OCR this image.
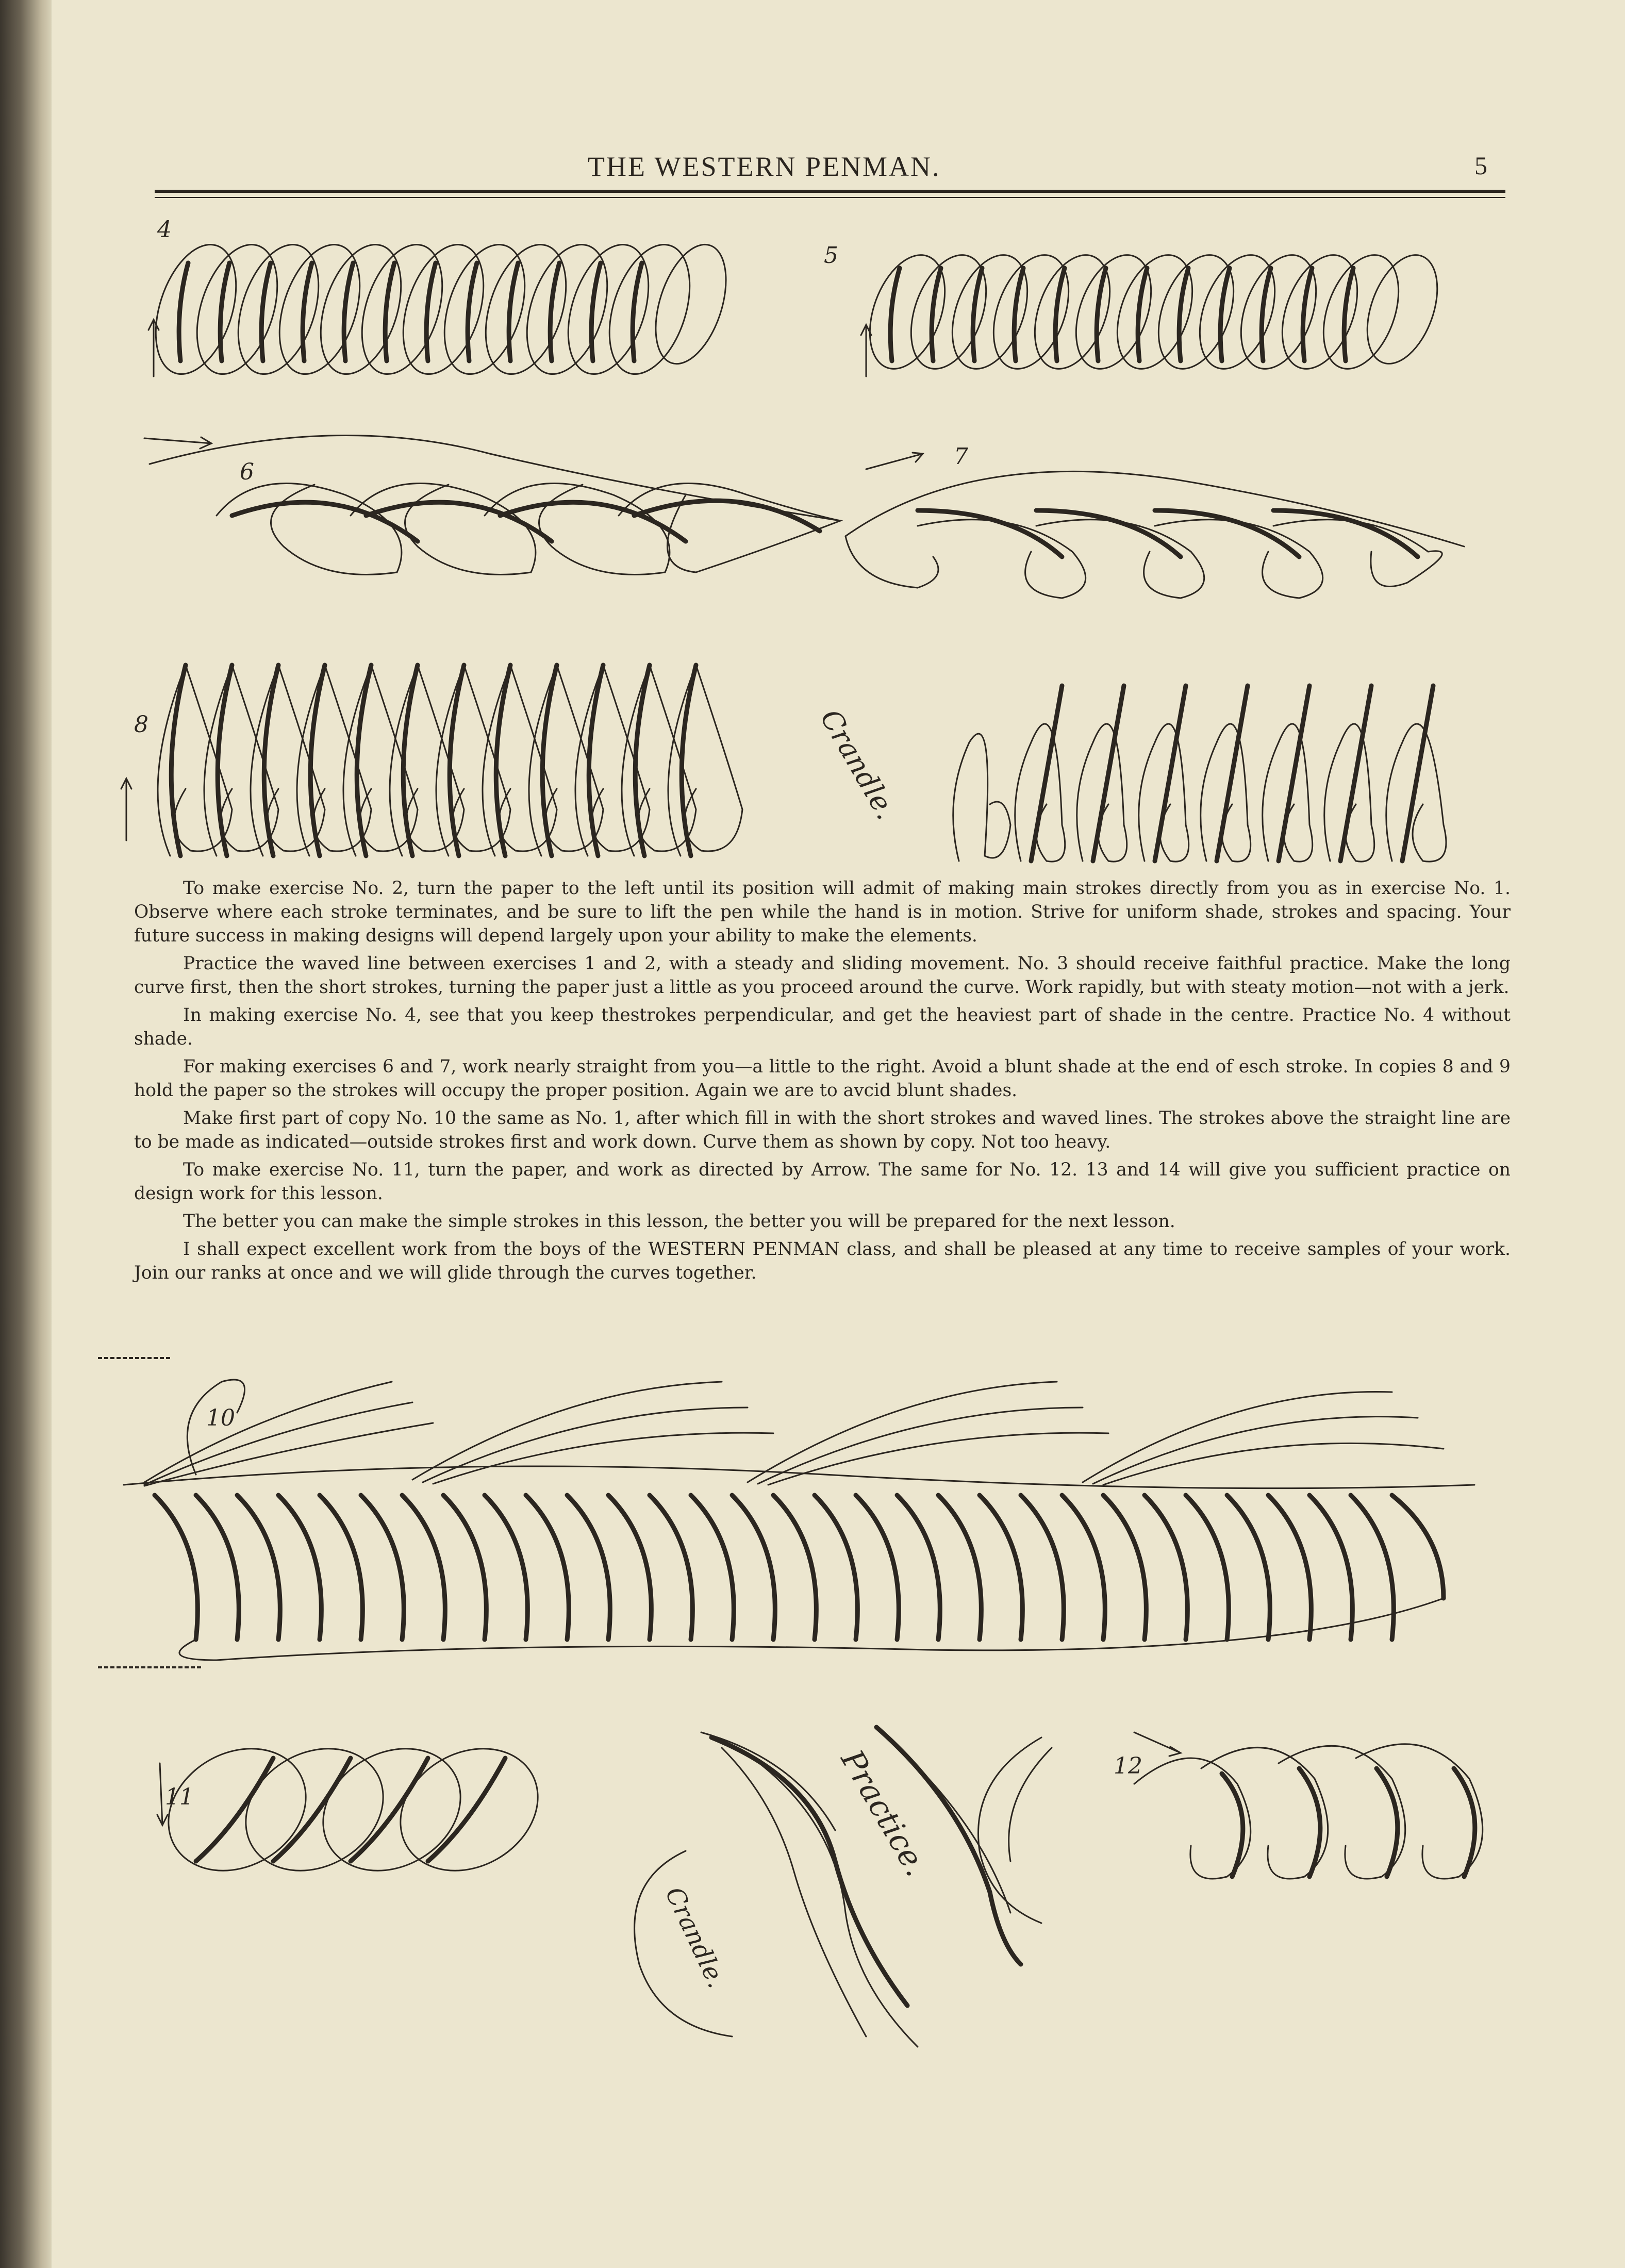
THE WESTERN PENMAN.	5
4
5
6
7
8	Crandle.

To make exercise No. 2, turn the paper to the left until its position will admit of making main strokes directly from you as in exercise No. 1. Observe where each stroke terminates, and be sure to lift the pen while the hand is in motion. Strive for uniform shade, strokes and spacing. Your future success in making designs will depend largely upon your ability to make the elements.

Practice the waved line between exercises 1 and 2, with a steady and sliding movement. No. 3 should receive faithful practice. Make the long curve first, then the short strokes, turning the paper just a little as you proceed around the curve. Work rapidly, but with steaty motion—not with a jerk.

In making exercise No. 4, see that you keep thestrokes perpendicular, and get the heaviest part of shade in the centre. Practice No. 4 without shade.

For making exercises 6 and 7, work nearly straight from you—a little to the right. Avoid a blunt shade at the end of esch stroke. In copies 8 and 9 hold the paper so the strokes will occupy the proper position. Again we are to avcid blunt shades.

Make first part of copy No. 10 the same as No. 1, after which fill in with the short strokes and waved lines. The strokes above the straight line are to be made as indicated—outside strokes first and work down. Curve them as shown by copy. Not too heavy.

To make exercise No. 11, turn the paper, and work as directed by Arrow. The same for No. 12. 13 and 14 will give you sufficient practice on design work for this lesson.

The better you can make the simple strokes in this lesson, the better you will be prepared for the next lesson.

I shall expect excellent work from the boys of the WESTERN PENMAN class, and shall be pleased at any time to receive samples of your work. Join our ranks at once and we will glide through the curves together.

10
11
Crandle.
Practice.	12
